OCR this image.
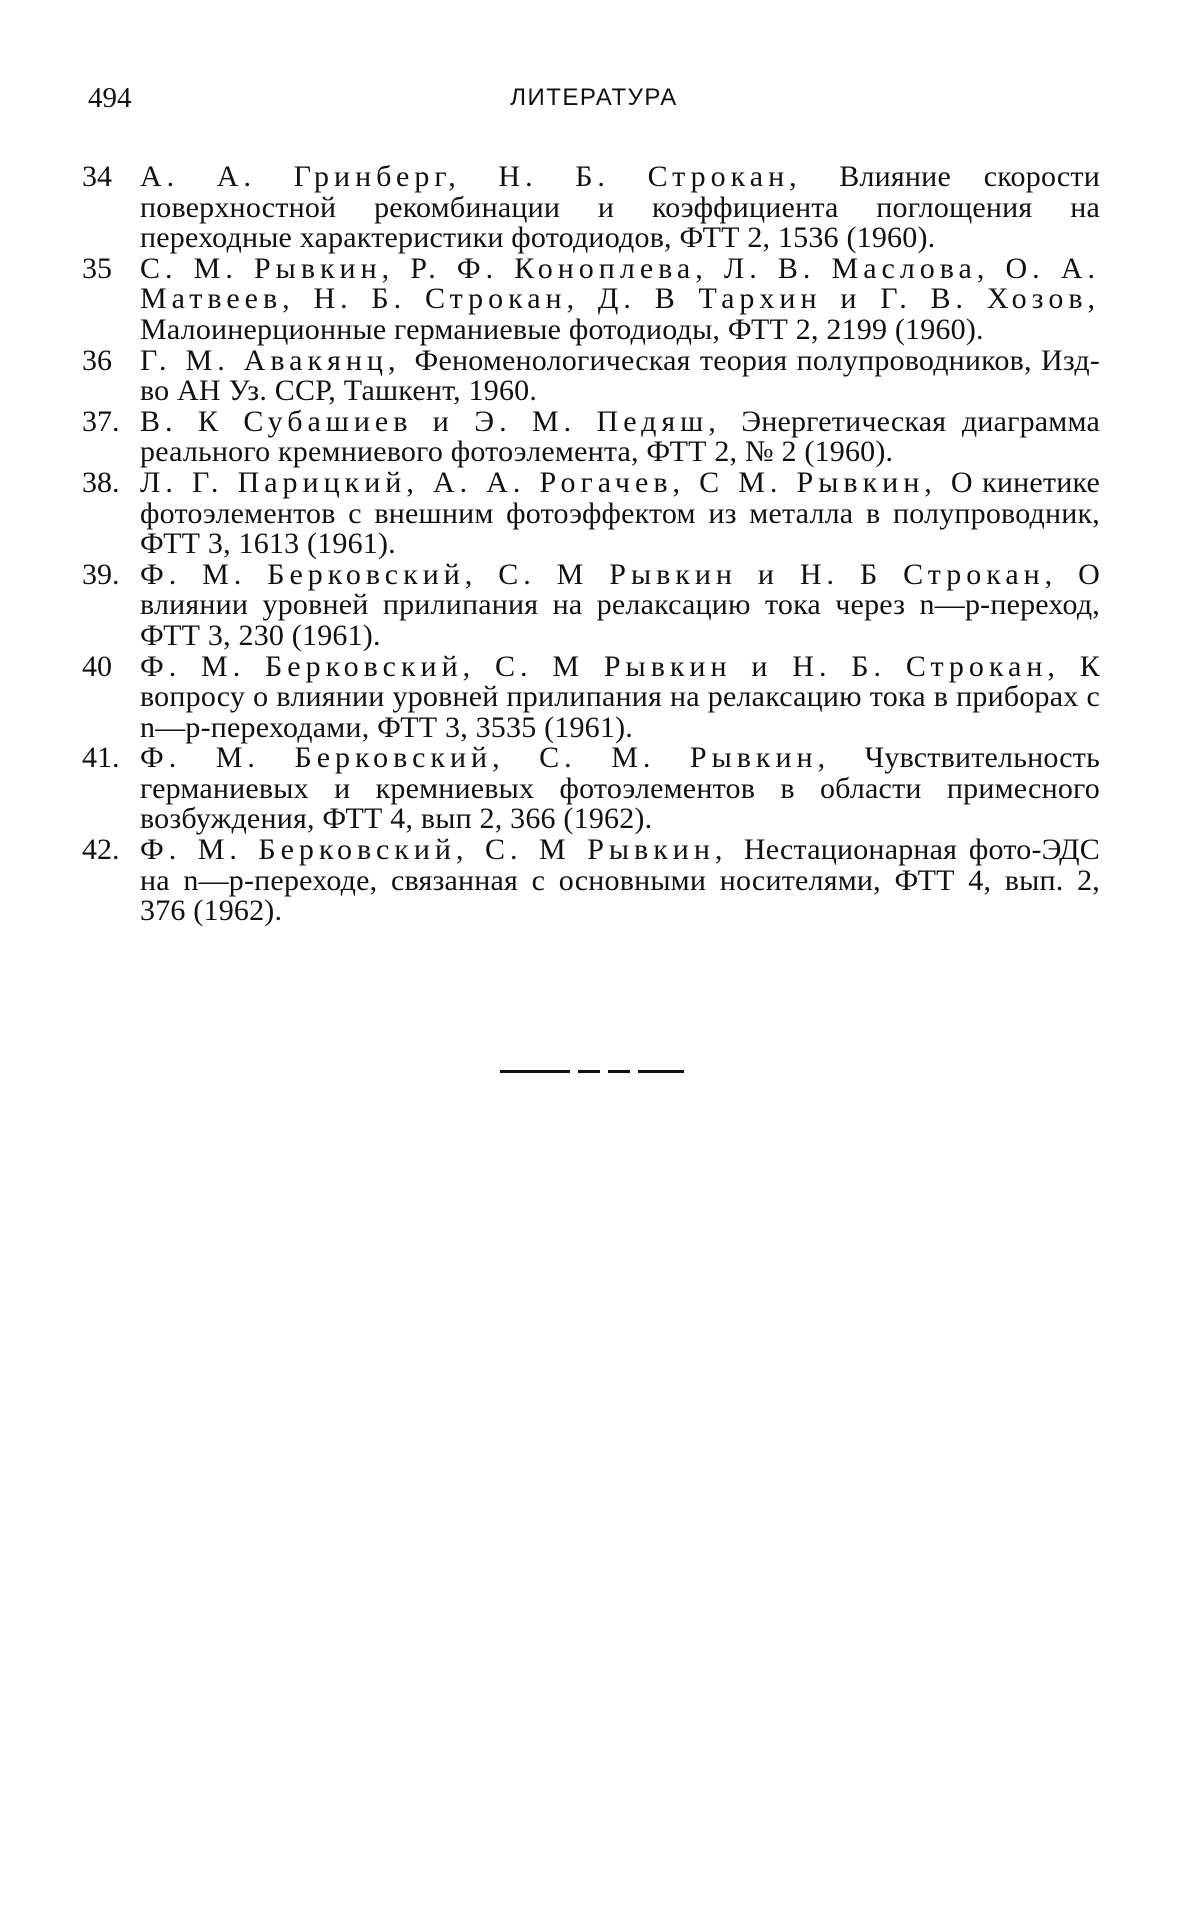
494	ЛИТЕРАТУРА
34 А. А. Гринберг, Н. Б. Строкан, Влияние скорости поверхностной рекомбинации и коэффициента поглощения на переходные характеристики фотодиодов, ФТТ 2, 1536 (1960).
35 С. М. Рывкин, Р. Ф. Коноплева, Л. В. Маслова, О. А. Матвеев, Н. Б. Строкан, Д. В Тархин и Г. В. Хозов, Малоинерционные германиевые фотодиоды, ФТТ 2, 2199 (1960).
36 Г. М. Авакянц, Феноменологическая теория полупроводников, Изд-во АН Уз. ССР, Ташкент, 1960.
37. В. К Субашиев и Э. М. Педяш, Энергетическая диаграмма реального кремниевого фотоэлемента, ФТТ 2, № 2 (1960).
38. Л. Г. Парицкий, А. А. Рогачев, С М. Рывкин, О кинетике фотоэлементов с внешним фотоэффектом из металла в полупроводник, ФТТ 3, 1613 (1961).
39. Ф. М. Берковский, С. М Рывкин и Н. Б Строкан, О влиянии уровней прилипания на релаксацию тока через n—p-переход, ФТТ 3, 230 (1961).
40 Ф. М. Берковский, С. М Рывкин и Н. Б. Строкан, К вопросу о влиянии уровней прилипания на релаксацию тока в приборах с n—p-переходами, ФТТ 3, 3535 (1961).
41. Ф. М. Берковский, С. М. Рывкин, Чувствительность германиевых и кремниевых фотоэлементов в области примесного возбуждения, ФТТ 4, вып 2, 366 (1962).
42. Ф. М. Берковский, С. М Рывкин, Нестационарная фото-ЭДС на n—p-переходе, связанная с основными носителями, ФТТ 4, вып. 2, 376 (1962).
